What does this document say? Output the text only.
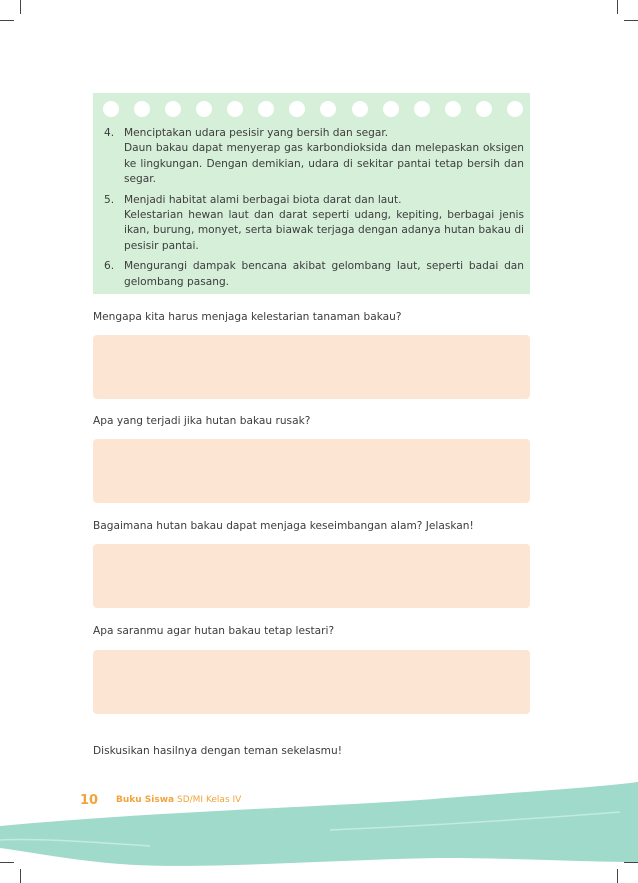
4. Menciptakan udara pesisir yang bersih dan segar.
Daun bakau dapat menyerap gas karbondioksida dan melepaskan oksigen ke lingkungan. Dengan demikian, udara di sekitar pantai tetap bersih dan segar.
5. Menjadi habitat alami berbagai biota darat dan laut.
Kelestarian hewan laut dan darat seperti udang, kepiting, berbagai jenis ikan, burung, monyet, serta biawak terjaga dengan adanya hutan bakau di pesisir pantai.
6. Mengurangi dampak bencana akibat gelombang laut, seperti badai dan gelombang pasang.
Mengapa kita harus menjaga kelestarian tanaman bakau?
Apa yang terjadi jika hutan bakau rusak?
Bagaimana hutan bakau dapat menjaga keseimbangan alam? Jelaskan!
Apa saranmu agar hutan bakau tetap lestari?
Diskusikan hasilnya dengan teman sekelasmu!
10	Buku Siswa SD/MI Kelas IV
